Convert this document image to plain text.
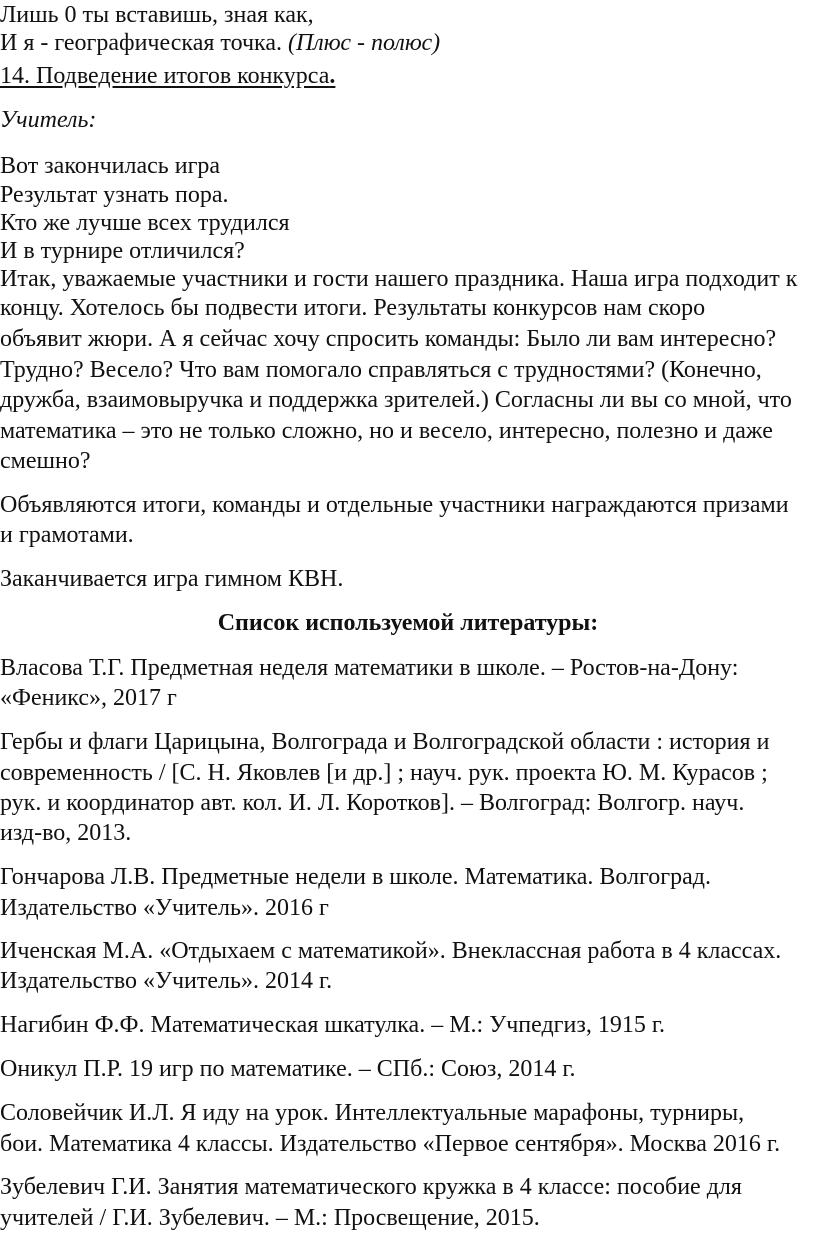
Лишь 0 ты вставишь, зная как,
И я - географическая точка. (Плюс - полюс)
14. Подведение итогов конкурса.
Учитель:
Вот закончилась игра
Результат узнать пора.
Кто же лучше всех трудился
И в турнире отличился?
Итак, уважаемые участники и гости нашего праздника. Наша игра подходит к
концу. Хотелось бы подвести итоги. Результаты конкурсов нам скоро
объявит жюри. А я сейчас хочу спросить команды: Было ли вам интересно?
Трудно? Весело? Что вам помогало справляться с трудностями? (Конечно,
дружба, взаимовыручка и поддержка зрителей.) Согласны ли вы со мной, что
математика – это не только сложно, но и весело, интересно, полезно и даже
смешно?
Объявляются итоги, команды и отдельные участники награждаются призами
и грамотами.
Заканчивается игра гимном КВН.
Список используемой литературы:
Власова Т.Г. Предметная неделя математики в школе. – Ростов-на-Дону:
«Феникс», 2017 г
Гербы и флаги Царицына, Волгограда и Волгоградской области : история и
современность / [С. Н. Яковлев [и др.] ; науч. рук. проекта Ю. М. Курасов ;
рук. и координатор авт. кол. И. Л. Коротков]. – Волгоград: Волгогр. науч.
изд-во, 2013.
Гончарова Л.В. Предметные недели в школе. Математика. Волгоград.
Издательство «Учитель». 2016 г
Иченская М.А. «Отдыхаем с математикой». Внеклассная работа в 4 классах.
Издательство «Учитель». 2014 г.
Нагибин Ф.Ф. Математическая шкатулка. – М.: Учпедгиз, 1915 г.
Оникул П.Р. 19 игр по математике. – СПб.: Союз, 2014 г.
Соловейчик И.Л. Я иду на урок. Интеллектуальные марафоны, турниры,
бои. Математика 4 классы. Издательство «Первое сентября». Москва 2016 г.
Зубелевич Г.И. Занятия математического кружка в 4 классе: пособие для
учителей / Г.И. Зубелевич. – М.: Просвещение, 2015.
